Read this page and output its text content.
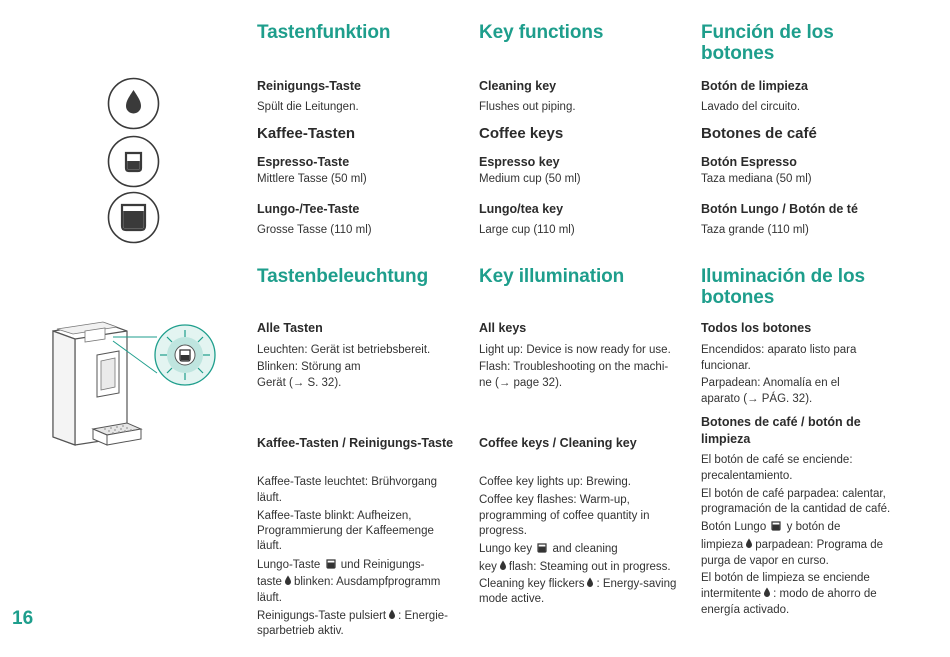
Tastenfunktion
Reinigungs-Taste
Spült die Leitungen.
Kaffee-Tasten
Espresso-Taste
Mittlere Tasse (50 ml)
Lungo-/Tee-Taste
Grosse Tasse (110 ml)
Tastenbeleuchtung
Alle Tasten
Leuchten: Gerät ist betriebsbereit.
Blinken: Störung am
Gerät (→ S. 32).
Kaffee-Tasten / Reinigungs-Taste
Kaffee-Taste leuchtet: Brühvorgang
läuft.
Kaffee-Taste blinkt: Aufheizen,
Programmierung der Kaffeemenge
läuft.
Lungo-Taste und Reinigungs-
taste blinken: Ausdampfprogramm
läuft.
Reinigungs-Taste pulsiert : Energie-
sparbetrieb aktiv.
Key functions
Cleaning key
Flushes out piping.
Coffee keys
Espresso key
Medium cup (50 ml)
Lungo/tea key
Large cup (110 ml)
Key illumination
All keys
Light up: Device is now ready for use.
Flash: Troubleshooting on the machi-
ne (→ page 32).
Coffee keys / Cleaning key
Coffee key lights up: Brewing.
Coffee key flashes: Warm-up,
programming of coffee quantity in
progress.
Lungo key and cleaning
key flash: Steaming out in progress.
Cleaning key flickers : Energy-saving
mode active.
Función de los
botones
Botón de limpieza
Lavado del circuito.
Botones de café
Botón Espresso
Taza mediana (50 ml)
Botón Lungo / Botón de té
Taza grande (110 ml)
Iluminación de los
botones
Todos los botones
Encendidos: aparato listo para
funcionar.
Parpadean: Anomalía en el
aparato (→ PÁG. 32).
Botones de café / botón de
limpieza
El botón de café se enciende:
precalentamiento.
El botón de café parpadea: calentar,
programación de la cantidad de café.
Botón Lungo y botón de
limpieza parpadean: Programa de
purga de vapor en curso.
El botón de limpieza se enciende
intermitente : modo de ahorro de
energía activado.
16
